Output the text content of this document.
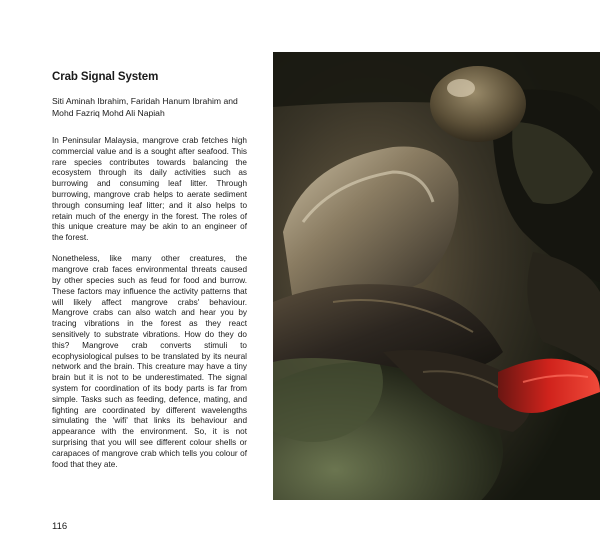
Crab Signal System

Siti Aminah Ibrahim, Faridah Hanum Ibrahim and Mohd Fazriq Mohd Ali Napiah

In Peninsular Malaysia, mangrove crab fetches high commercial value and is a sought after seafood. This rare species contributes towards balancing the ecosystem through its daily activities such as burrowing and consuming leaf litter. Through burrowing, mangrove crab helps to aerate sediment through consuming leaf litter; and it also helps to retain much of the energy in the forest. The roles of this unique creature may be akin to an engineer of the forest.

Nonetheless, like many other creatures, the mangrove crab faces environmental threats caused by other species such as feud for food and burrow. These factors may influence the activity patterns that will likely affect mangrove crabs' behaviour. Mangrove crabs can also watch and hear you by tracing vibrations in the forest as they react sensitively to substrate vibrations. How do they do this? Mangrove crab converts stimuli to ecophysiological pulses to be translated by its neural network and the brain. This creature may have a tiny brain but it is not to be underestimated. The signal system for coordination of its body parts is far from simple. Tasks such as feeding, defence, mating, and fighting are coordinated by different wavelengths simulating the 'wifi' that links its behaviour and appearance with the environment. So, it is not surprising that you will see different colour shells or carapaces of mangrove crab which tells you colour of food that they ate.

116
